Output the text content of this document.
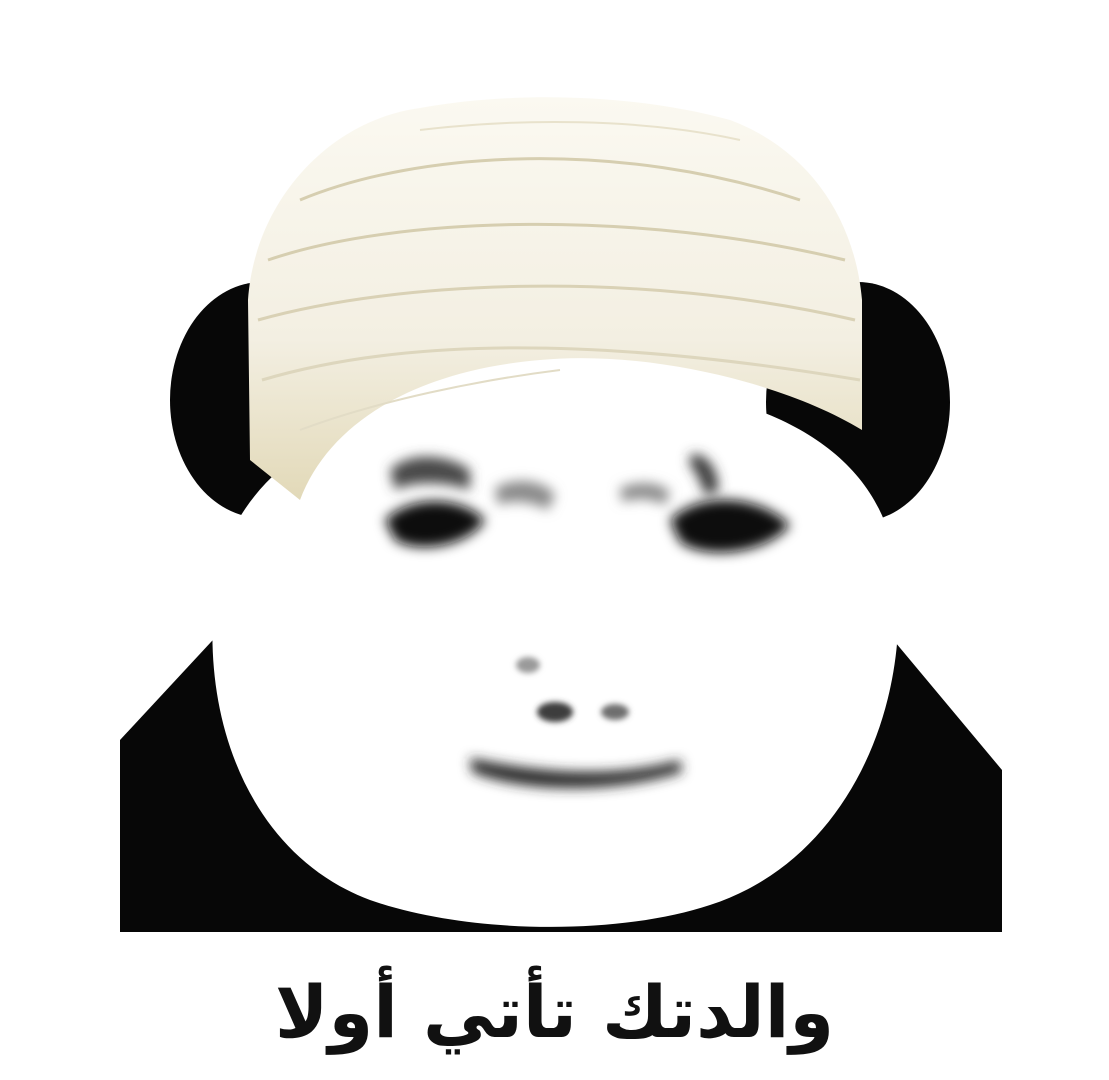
والدتك تأتي أولا
